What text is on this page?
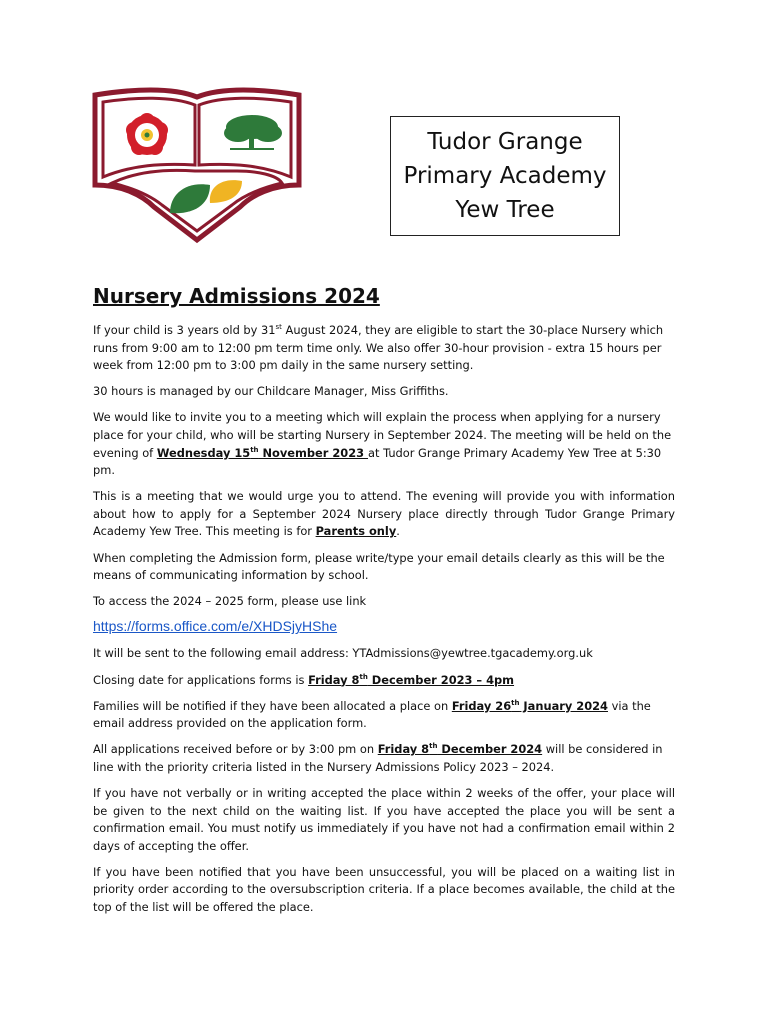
Tudor Grange
Primary Academy
Yew Tree
Nursery Admissions 2024

If your child is 3 years old by 31st August 2024, they are eligible to start the 30-place Nursery which runs from 9:00 am to 12:00 pm term time only. We also offer 30-hour provision - extra 15 hours per week from 12:00 pm to 3:00 pm daily in the same nursery setting.

30 hours is managed by our Childcare Manager, Miss Griffiths.

We would like to invite you to a meeting which will explain the process when applying for a nursery place for your child, who will be starting Nursery in September 2024. The meeting will be held on the evening of Wednesday 15th November 2023 at Tudor Grange Primary Academy Yew Tree at 5:30 pm.

This is a meeting that we would urge you to attend. The evening will provide you with information about how to apply for a September 2024 Nursery place directly through Tudor Grange Primary Academy Yew Tree. This meeting is for Parents only.

When completing the Admission form, please write/type your email details clearly as this will be the means of communicating information by school.

To access the 2024 – 2025 form, please use link

https://forms.office.com/e/XHDSjyHShe

It will be sent to the following email address: YTAdmissions@yewtree.tgacademy.org.uk

Closing date for applications forms is Friday 8th December 2023 – 4pm

Families will be notified if they have been allocated a place on Friday 26th January 2024 via the email address provided on the application form.

All applications received before or by 3:00 pm on Friday 8th December 2024 will be considered in line with the priority criteria listed in the Nursery Admissions Policy 2023 – 2024.

If you have not verbally or in writing accepted the place within 2 weeks of the offer, your place will be given to the next child on the waiting list. If you have accepted the place you will be sent a confirmation email. You must notify us immediately if you have not had a confirmation email within 2 days of accepting the offer.

If you have been notified that you have been unsuccessful, you will be placed on a waiting list in priority order according to the oversubscription criteria. If a place becomes available, the child at the top of the list will be offered the place.
